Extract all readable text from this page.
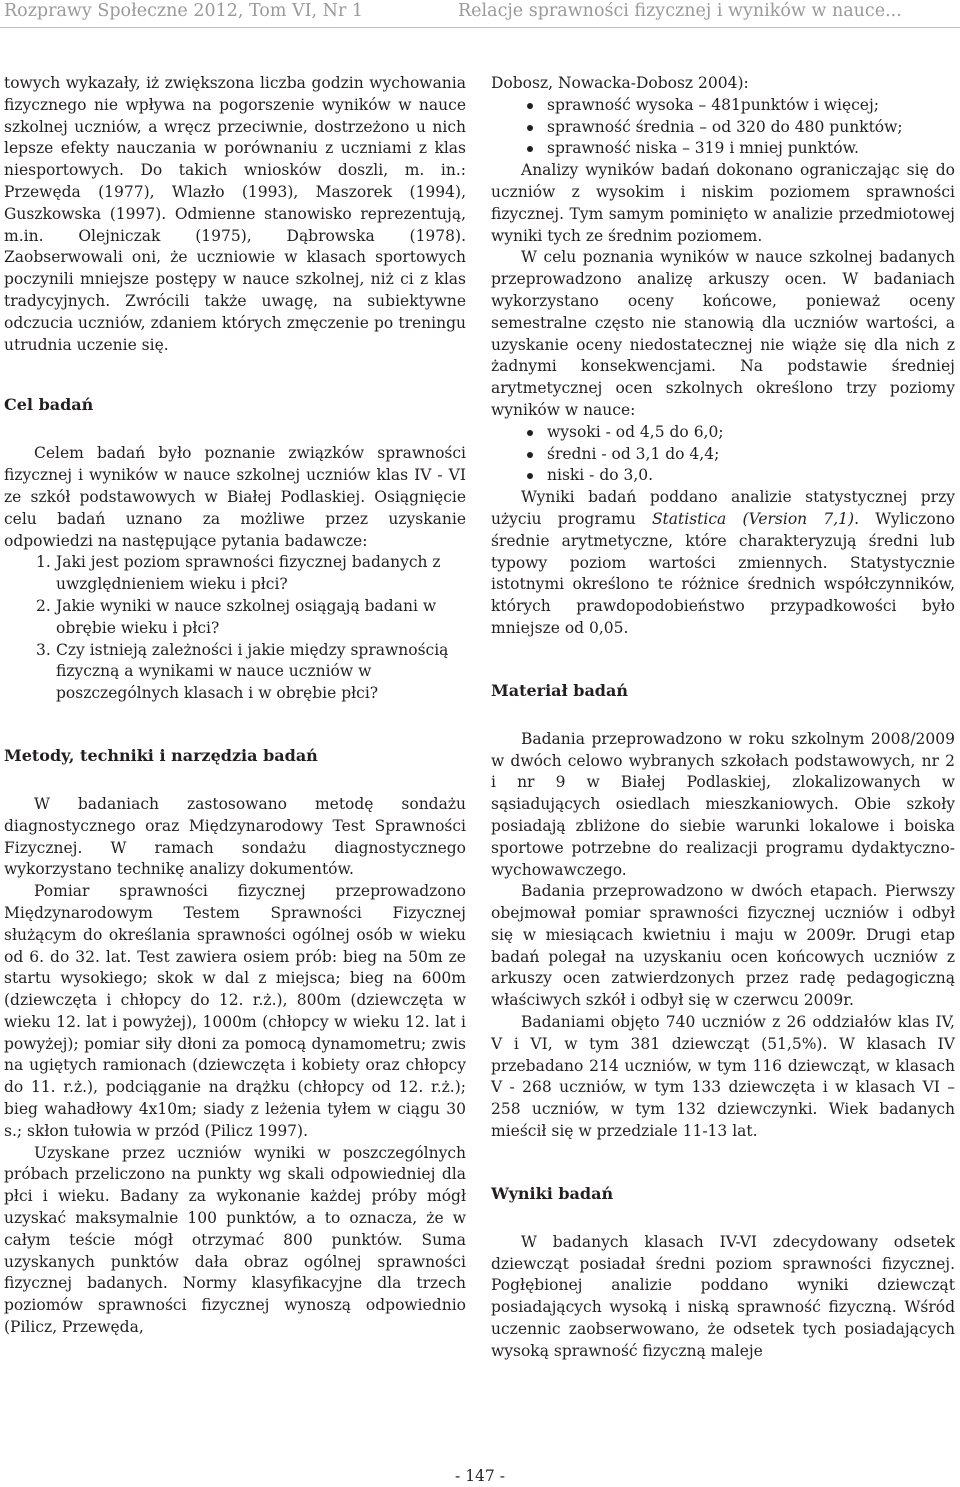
Rozprawy Społeczne 2012, Tom VI, Nr 1	Relacje sprawności fizycznej i wyników w nauce...

towych wykazały, iż zwiększona liczba godzin wychowania fizycznego nie wpływa na pogorszenie wyników w nauce szkolnej uczniów, a wręcz przeciwnie, dostrzeżono u nich lepsze efekty nauczania w porównaniu z uczniami z klas niesportowych. Do takich wniosków doszli, m. in.: Przewęda (1977), Wlazło (1993), Maszorek (1994), Guszkowska (1997). Odmienne stanowisko reprezentują, m.in. Olejniczak (1975), Dąbrowska (1978). Zaobserwowali oni, że uczniowie w klasach sportowych poczynili mniejsze postępy w nauce szkolnej, niż ci z klas tradycyjnych. Zwrócili także uwagę, na subiektywne odczucia uczniów, zdaniem których zmęczenie po treningu utrudnia uczenie się.

Cel badań

Celem badań było poznanie związków sprawności fizycznej i wyników w nauce szkolnej uczniów klas IV - VI ze szkół podstawowych w Białej Podlaskiej. Osiągnięcie celu badań uznano za możliwe przez uzyskanie odpowiedzi na następujące pytania badawcze:

1. Jaki jest poziom sprawności fizycznej badanych z uwzględnieniem wieku i płci?
2. Jakie wyniki w nauce szkolnej osiągają badani w obrębie wieku i płci?
3. Czy istnieją zależności i jakie między sprawnością fizyczną a wynikami w nauce uczniów w poszczególnych klasach i w obrębie płci?
Metody, techniki i narzędzia badań

W badaniach zastosowano metodę sondażu diagnostycznego oraz Międzynarodowy Test Sprawności Fizycznej. W ramach sondażu diagnostycznego wykorzystano technikę analizy dokumentów.

Pomiar sprawności fizycznej przeprowadzono Międzynarodowym Testem Sprawności Fizycznej służącym do określania sprawności ogólnej osób w wieku od 6. do 32. lat. Test zawiera osiem prób: bieg na 50m ze startu wysokiego; skok w dal z miejsca; bieg na 600m (dziewczęta i chłopcy do 12. r.ż.), 800m (dziewczęta w wieku 12. lat i powyżej), 1000m (chłopcy w wieku 12. lat i powyżej); pomiar siły dłoni za pomocą dynamometru; zwis na ugiętych ramionach (dziewczęta i kobiety oraz chłopcy do 11. r.ż.), podciąganie na drążku (chłopcy od 12. r.ż.); bieg wahadłowy 4x10m; siady z leżenia tyłem w ciągu 30 s.; skłon tułowia w przód (Pilicz 1997).

Uzyskane przez uczniów wyniki w poszczególnych próbach przeliczono na punkty wg skali odpowiedniej dla płci i wieku. Badany za wykonanie każdej próby mógł uzyskać maksymalnie 100 punktów, a to oznacza, że w całym teście mógł otrzymać 800 punktów. Suma uzyskanych punktów dała obraz ogólnej sprawności fizycznej badanych. Normy klasyfikacyjne dla trzech poziomów sprawności fizycznej wynoszą odpowiednio (Pilicz, Przewęda,

Dobosz, Nowacka-Dobosz 2004):

sprawność wysoka – 481punktów i więcej;
sprawność średnia – od 320 do 480 punktów;
sprawność niska – 319 i mniej punktów.

Analizy wyników badań dokonano ograniczając się do uczniów z wysokim i niskim poziomem sprawności fizycznej. Tym samym pominięto w analizie przedmiotowej wyniki tych ze średnim poziomem.

W celu poznania wyników w nauce szkolnej badanych przeprowadzono analizę arkuszy ocen. W badaniach wykorzystano oceny końcowe, ponieważ oceny semestralne często nie stanowią dla uczniów wartości, a uzyskanie oceny niedostatecznej nie wiąże się dla nich z żadnymi konsekwencjami. Na podstawie średniej arytmetycznej ocen szkolnych określono trzy poziomy wyników w nauce:

wysoki - od 4,5 do 6,0;
średni - od 3,1 do 4,4;
niski - do 3,0.

Wyniki badań poddano analizie statystycznej przy użyciu programu Statistica (Version 7,1). Wyliczono średnie arytmetyczne, które charakteryzują średni lub typowy poziom wartości zmiennych. Statystycznie istotnymi określono te różnice średnich współczynników, których prawdopodobieństwo przypadkowości było mniejsze od 0,05.

Materiał badań

Badania przeprowadzono w roku szkolnym 2008/2009 w dwóch celowo wybranych szkołach podstawowych, nr 2 i nr 9 w Białej Podlaskiej, zlokalizowanych w sąsiadujących osiedlach mieszkaniowych. Obie szkoły posiadają zbliżone do siebie warunki lokalowe i boiska sportowe potrzebne do realizacji programu dydaktyczno-wychowawczego.

Badania przeprowadzono w dwóch etapach. Pierwszy obejmował pomiar sprawności fizycznej uczniów i odbył się w miesiącach kwietniu i maju w 2009r. Drugi etap badań polegał na uzyskaniu ocen końcowych uczniów z arkuszy ocen zatwierdzonych przez radę pedagogiczną właściwych szkół i odbył się w czerwcu 2009r.

Badaniami objęto 740 uczniów z 26 oddziałów klas IV, V i VI, w tym 381 dziewcząt (51,5%). W klasach IV przebadano 214 uczniów, w tym 116 dziewcząt, w klasach V - 268 uczniów, w tym 133 dziewczęta i w klasach VI – 258 uczniów, w tym 132 dziewczynki. Wiek badanych mieścił się w przedziale 11-13 lat.

Wyniki badań

W badanych klasach IV-VI zdecydowany odsetek dziewcząt posiadał średni poziom sprawności fizycznej. Pogłębionej analizie poddano wyniki dziewcząt posiadających wysoką i niską sprawność fizyczną. Wśród uczennic zaobserwowano, że odsetek tych posiadających wysoką sprawność fizyczną maleje

- 147 -
